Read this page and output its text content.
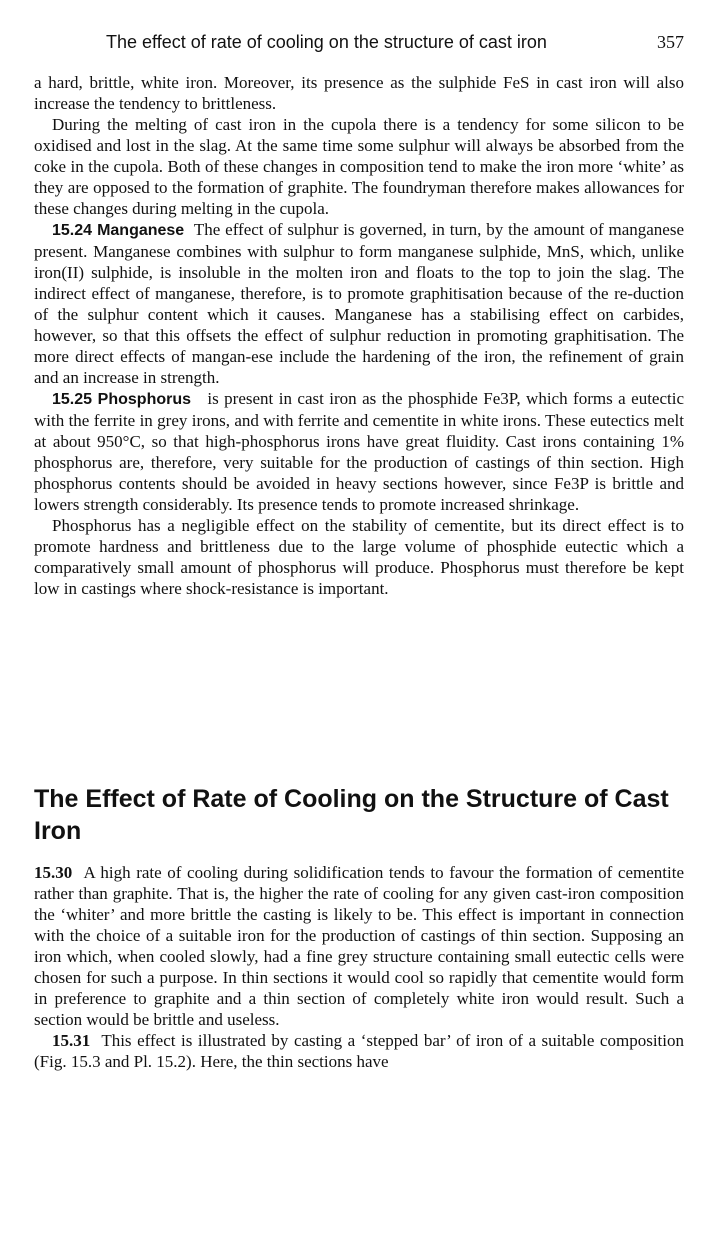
The effect of rate of cooling on the structure of cast iron	357

a hard, brittle, white iron. Moreover, its presence as the sulphide FeS in cast iron will also increase the tendency to brittleness.

During the melting of cast iron in the cupola there is a tendency for some silicon to be oxidised and lost in the slag. At the same time some sulphur will always be absorbed from the coke in the cupola. Both of these changes in composition tend to make the iron more ‘white’ as they are opposed to the formation of graphite. The foundryman therefore makes allowances for these changes during melting in the cupola.

15.24 Manganese The effect of sulphur is governed, in turn, by the amount of manganese present. Manganese combines with sulphur to form manganese sulphide, MnS, which, unlike iron(II) sulphide, is insoluble in the molten iron and floats to the top to join the slag. The indirect effect of manganese, therefore, is to promote graphitisation because of the re-duction of the sulphur content which it causes. Manganese has a stabilising effect on carbides, however, so that this offsets the effect of sulphur reduction in promoting graphitisation. The more direct effects of mangan-ese include the hardening of the iron, the refinement of grain and an increase in strength.

15.25 Phosphorus is present in cast iron as the phosphide Fe3P, which forms a eutectic with the ferrite in grey irons, and with ferrite and cementite in white irons. These eutectics melt at about 950°C, so that high-phosphorus irons have great fluidity. Cast irons containing 1% phosphorus are, therefore, very suitable for the production of castings of thin section. High phosphorus contents should be avoided in heavy sections however, since Fe3P is brittle and lowers strength considerably. Its presence tends to promote increased shrinkage.

Phosphorus has a negligible effect on the stability of cementite, but its direct effect is to promote hardness and brittleness due to the large volume of phosphide eutectic which a comparatively small amount of phosphorus will produce. Phosphorus must therefore be kept low in castings where shock-resistance is important.

The Effect of Rate of Cooling on the Structure of Cast Iron

15.30 A high rate of cooling during solidification tends to favour the formation of cementite rather than graphite. That is, the higher the rate of cooling for any given cast-iron composition the ‘whiter’ and more brittle the casting is likely to be. This effect is important in connection with the choice of a suitable iron for the production of castings of thin section. Supposing an iron which, when cooled slowly, had a fine grey structure containing small eutectic cells were chosen for such a purpose. In thin sections it would cool so rapidly that cementite would form in preference to graphite and a thin section of completely white iron would result. Such a section would be brittle and useless.

15.31 This effect is illustrated by casting a ‘stepped bar’ of iron of a suitable composition (Fig. 15.3 and Pl. 15.2). Here, the thin sections have
